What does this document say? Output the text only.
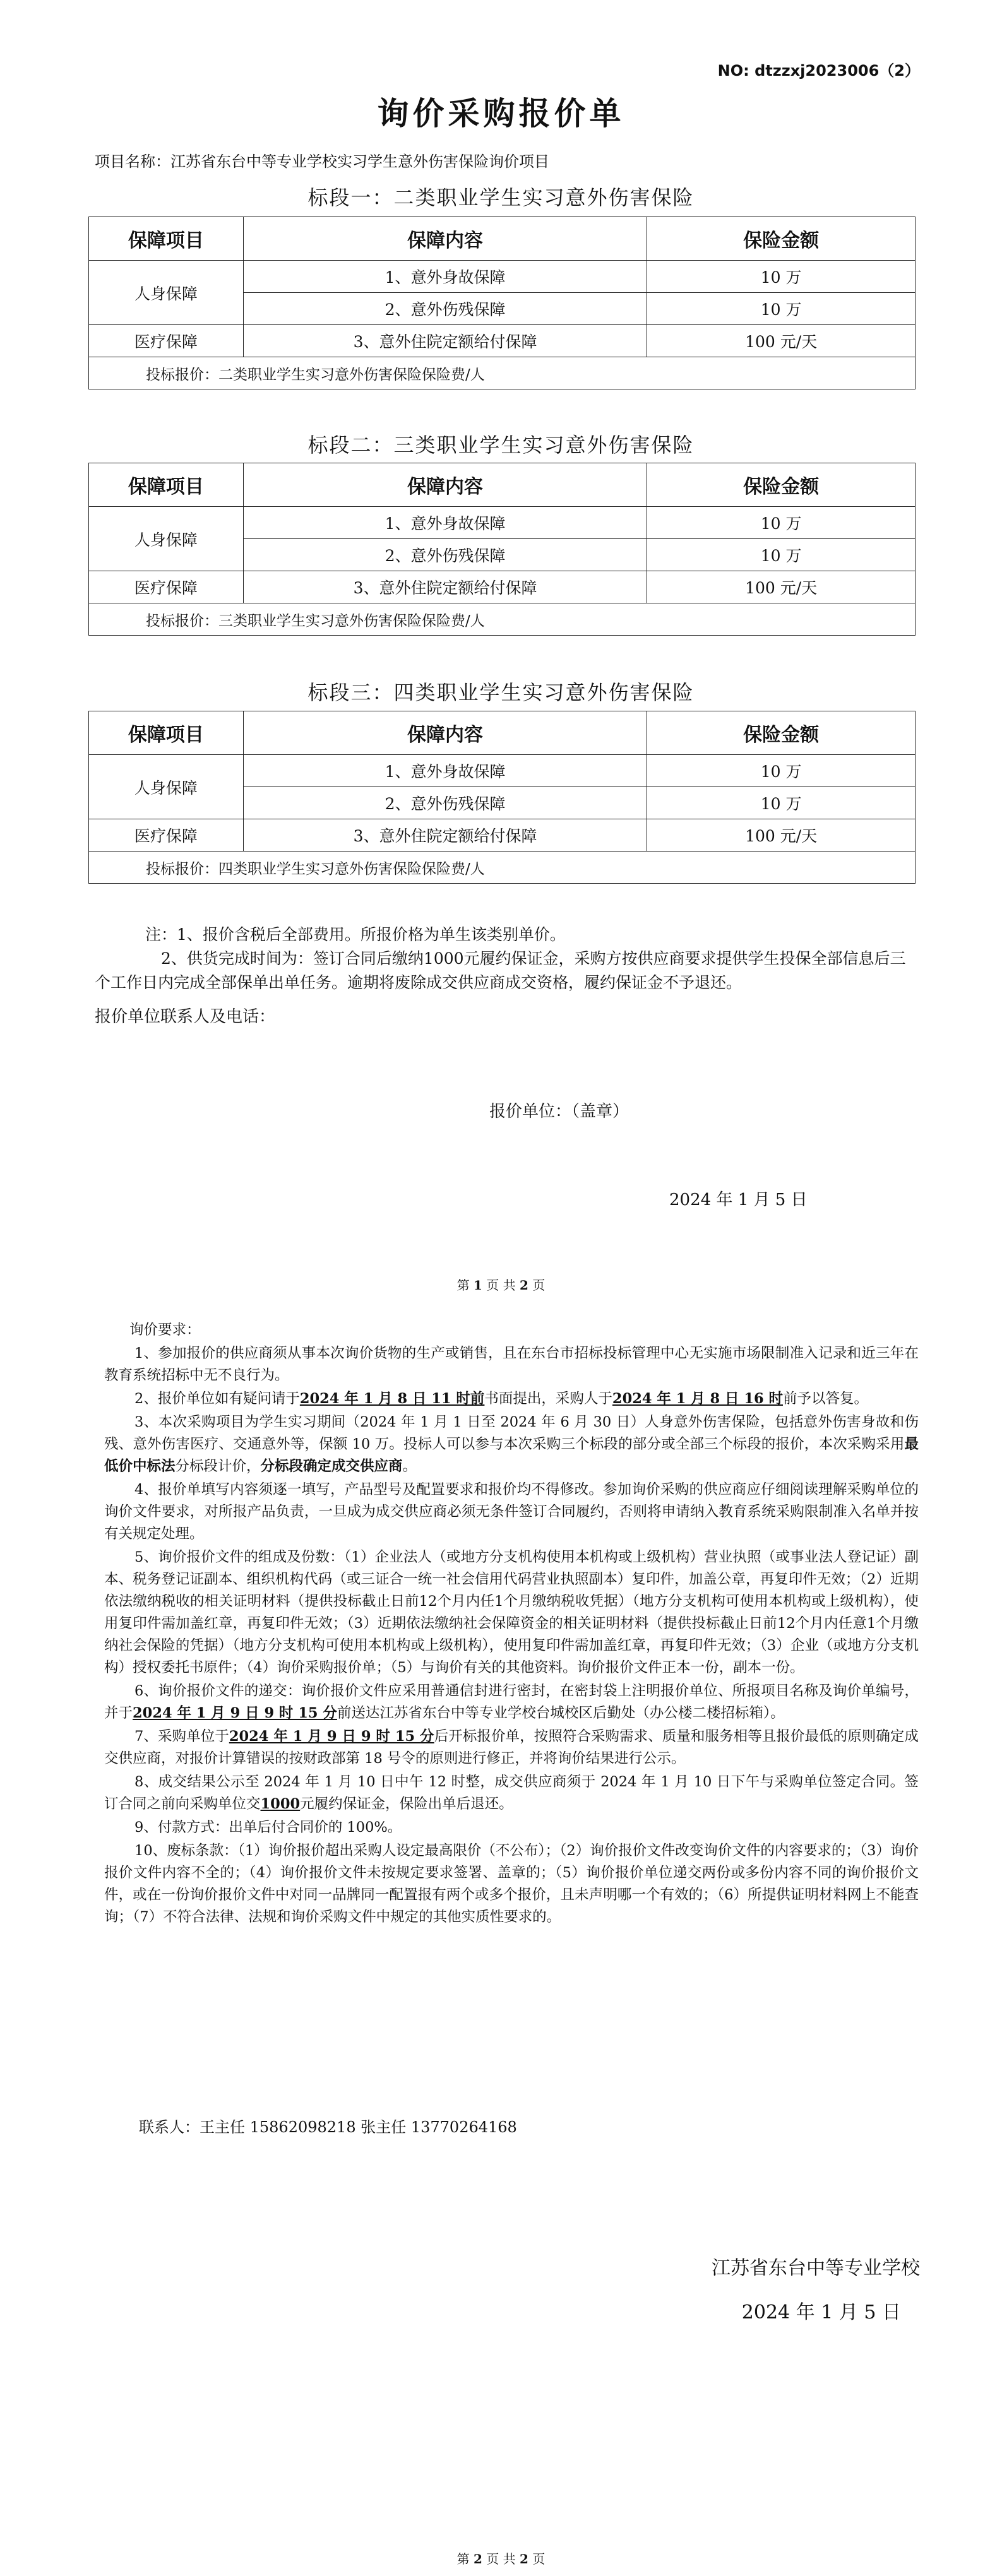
NO: dtzzxj2023006（2）
询价采购报价单
项目名称：江苏省东台中等专业学校实习学生意外伤害保险询价项目
标段一：二类职业学生实习意外伤害保险
保障项目	保障内容	保险金额
人身保障	1、意外身故保障	10 万
	2、意外伤残保障	10 万
医疗保障	3、意外住院定额给付保障	100 元/天
投标报价：二类职业学生实习意外伤害保险保险费/人		
标段二：三类职业学生实习意外伤害保险
保障项目	保障内容	保险金额
人身保障	1、意外身故保障	10 万
	2、意外伤残保障	10 万
医疗保障	3、意外住院定额给付保障	100 元/天
投标报价：三类职业学生实习意外伤害保险保险费/人		
标段三：四类职业学生实习意外伤害保险
保障项目	保障内容	保险金额
人身保障	1、意外身故保障	10 万
	2、意外伤残保障	10 万
医疗保障	3、意外住院定额给付保障	100 元/天
投标报价：四类职业学生实习意外伤害保险保险费/人		
注：1、报价含税后全部费用。所报价格为单生该类别单价。
2、供货完成时间为：签订合同后缴纳1000元履约保证金，采购方按供应商要求提供学生投保全部信息后三个工作日内完成全部保单出单任务。逾期将废除成交供应商成交资格，履约保证金不予退还。
报价单位联系人及电话：
报价单位：（盖章）
2024 年 1 月 5 日
第 1 页 共 2 页

询价要求：

1、参加报价的供应商须从事本次询价货物的生产或销售，且在东台市招标投标管理中心无实施市场限制准入记录和近三年在教育系统招标中无不良行为。

2、报价单位如有疑问请于2024 年 1 月 8 日 11 时前书面提出，采购人于2024 年 1 月 8 日 16 时前予以答复。

3、本次采购项目为学生实习期间（2024 年 1 月 1 日至 2024 年 6 月 30 日）人身意外伤害保险，包括意外伤害身故和伤残、意外伤害医疗、交通意外等，保额 10 万。投标人可以参与本次采购三个标段的部分或全部三个标段的报价，本次采购采用最低价中标法分标段计价，分标段确定成交供应商。

4、报价单填写内容须逐一填写，产品型号及配置要求和报价均不得修改。参加询价采购的供应商应仔细阅读理解采购单位的询价文件要求，对所报产品负责，一旦成为成交供应商必须无条件签订合同履约，否则将申请纳入教育系统采购限制准入名单并按有关规定处理。

5、询价报价文件的组成及份数：（1）企业法人（或地方分支机构使用本机构或上级机构）营业执照（或事业法人登记证）副本、税务登记证副本、组织机构代码（或三证合一统一社会信用代码营业执照副本）复印件，加盖公章，再复印件无效；（2）近期依法缴纳税收的相关证明材料（提供投标截止日前12个月内任1个月缴纳税收凭据）（地方分支机构可使用本机构或上级机构），使用复印件需加盖红章，再复印件无效；（3）近期依法缴纳社会保障资金的相关证明材料（提供投标截止日前12个月内任意1个月缴纳社会保险的凭据）（地方分支机构可使用本机构或上级机构），使用复印件需加盖红章，再复印件无效；（3）企业（或地方分支机构）授权委托书原件；（4）询价采购报价单；（5）与询价有关的其他资料。询价报价文件正本一份，副本一份。

6、询价报价文件的递交：询价报价文件应采用普通信封进行密封，在密封袋上注明报价单位、所报项目名称及询价单编号，并于2024 年 1 月 9 日 9 时 15 分前送达江苏省东台中等专业学校台城校区后勤处（办公楼二楼招标箱）。

7、采购单位于2024 年 1 月 9 日 9 时 15 分后开标报价单，按照符合采购需求、质量和服务相等且报价最低的原则确定成交供应商，对报价计算错误的按财政部第 18 号令的原则进行修正，并将询价结果进行公示。

8、成交结果公示至 2024 年 1 月 10 日中午 12 时整，成交供应商须于 2024 年 1 月 10 日下午与采购单位签定合同。签订合同之前向采购单位交1000元履约保证金，保险出单后退还。

9、付款方式：出单后付合同价的 100%。

10、废标条款：（1）询价报价超出采购人设定最高限价（不公布）；（2）询价报价文件改变询价文件的内容要求的；（3）询价报价文件内容不全的；（4）询价报价文件未按规定要求签署、盖章的；（5）询价报价单位递交两份或多份内容不同的询价报价文件，或在一份询价报价文件中对同一品牌同一配置报有两个或多个报价，且未声明哪一个有效的；（6）所提供证明材料网上不能查询；（7）不符合法律、法规和询价采购文件中规定的其他实质性要求的。

联系人：王主任 15862098218 张主任 13770264168
江苏省东台中等专业学校
2024 年 1 月 5 日
第 2 页 共 2 页
